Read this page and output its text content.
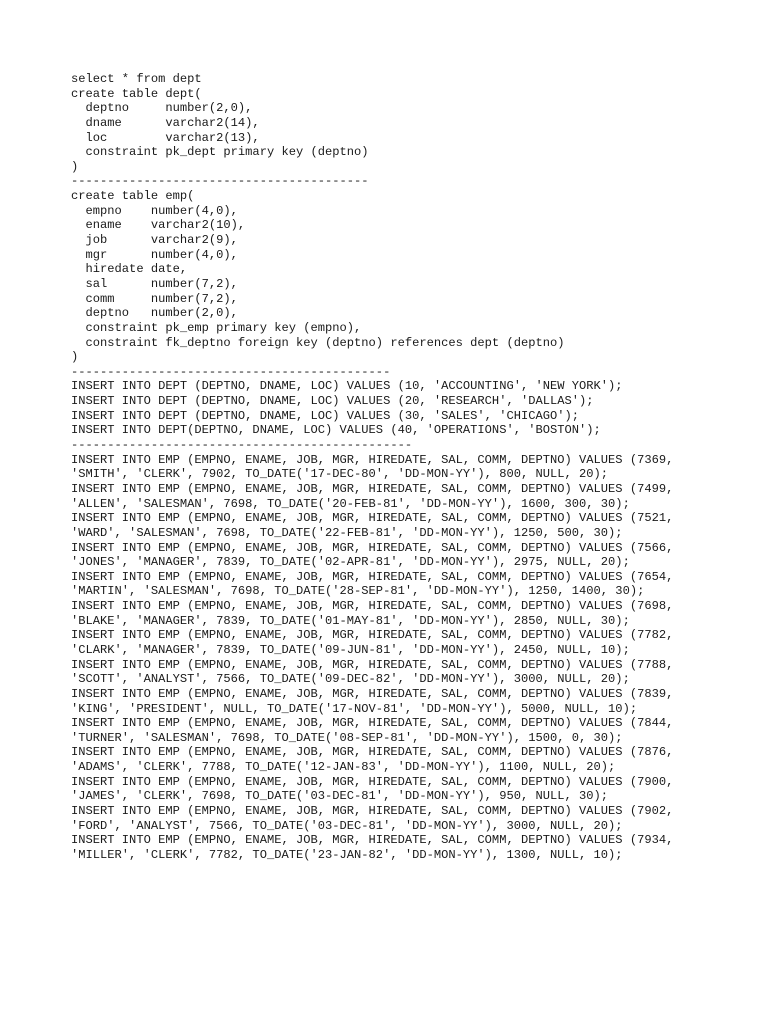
select * from dept
create table dept(
deptno     number(2,0),
dname      varchar2(14),
loc        varchar2(13),
constraint pk_dept primary key (deptno)
)
-----------------------------------------
create table emp(
empno    number(4,0),
ename    varchar2(10),
job      varchar2(9),
mgr      number(4,0),
hiredate date,
sal      number(7,2),
comm     number(7,2),
deptno   number(2,0),
constraint pk_emp primary key (empno),
constraint fk_deptno foreign key (deptno) references dept (deptno)
)
--------------------------------------------
INSERT INTO DEPT (DEPTNO, DNAME, LOC) VALUES (10, 'ACCOUNTING', 'NEW YORK');
INSERT INTO DEPT (DEPTNO, DNAME, LOC) VALUES (20, 'RESEARCH', 'DALLAS');
INSERT INTO DEPT (DEPTNO, DNAME, LOC) VALUES (30, 'SALES', 'CHICAGO');
INSERT INTO DEPT(DEPTNO, DNAME, LOC) VALUES (40, 'OPERATIONS', 'BOSTON');
-----------------------------------------------
INSERT INTO EMP (EMPNO, ENAME, JOB, MGR, HIREDATE, SAL, COMM, DEPTNO) VALUES (7369,
'SMITH', 'CLERK', 7902, TO_DATE('17-DEC-80', 'DD-MON-YY'), 800, NULL, 20);
INSERT INTO EMP (EMPNO, ENAME, JOB, MGR, HIREDATE, SAL, COMM, DEPTNO) VALUES (7499,
'ALLEN', 'SALESMAN', 7698, TO_DATE('20-FEB-81', 'DD-MON-YY'), 1600, 300, 30);
INSERT INTO EMP (EMPNO, ENAME, JOB, MGR, HIREDATE, SAL, COMM, DEPTNO) VALUES (7521,
'WARD', 'SALESMAN', 7698, TO_DATE('22-FEB-81', 'DD-MON-YY'), 1250, 500, 30);
INSERT INTO EMP (EMPNO, ENAME, JOB, MGR, HIREDATE, SAL, COMM, DEPTNO) VALUES (7566,
'JONES', 'MANAGER', 7839, TO_DATE('02-APR-81', 'DD-MON-YY'), 2975, NULL, 20);
INSERT INTO EMP (EMPNO, ENAME, JOB, MGR, HIREDATE, SAL, COMM, DEPTNO) VALUES (7654,
'MARTIN', 'SALESMAN', 7698, TO_DATE('28-SEP-81', 'DD-MON-YY'), 1250, 1400, 30);
INSERT INTO EMP (EMPNO, ENAME, JOB, MGR, HIREDATE, SAL, COMM, DEPTNO) VALUES (7698,
'BLAKE', 'MANAGER', 7839, TO_DATE('01-MAY-81', 'DD-MON-YY'), 2850, NULL, 30);
INSERT INTO EMP (EMPNO, ENAME, JOB, MGR, HIREDATE, SAL, COMM, DEPTNO) VALUES (7782,
'CLARK', 'MANAGER', 7839, TO_DATE('09-JUN-81', 'DD-MON-YY'), 2450, NULL, 10);
INSERT INTO EMP (EMPNO, ENAME, JOB, MGR, HIREDATE, SAL, COMM, DEPTNO) VALUES (7788,
'SCOTT', 'ANALYST', 7566, TO_DATE('09-DEC-82', 'DD-MON-YY'), 3000, NULL, 20);
INSERT INTO EMP (EMPNO, ENAME, JOB, MGR, HIREDATE, SAL, COMM, DEPTNO) VALUES (7839,
'KING', 'PRESIDENT', NULL, TO_DATE('17-NOV-81', 'DD-MON-YY'), 5000, NULL, 10);
INSERT INTO EMP (EMPNO, ENAME, JOB, MGR, HIREDATE, SAL, COMM, DEPTNO) VALUES (7844,
'TURNER', 'SALESMAN', 7698, TO_DATE('08-SEP-81', 'DD-MON-YY'), 1500, 0, 30);
INSERT INTO EMP (EMPNO, ENAME, JOB, MGR, HIREDATE, SAL, COMM, DEPTNO) VALUES (7876,
'ADAMS', 'CLERK', 7788, TO_DATE('12-JAN-83', 'DD-MON-YY'), 1100, NULL, 20);
INSERT INTO EMP (EMPNO, ENAME, JOB, MGR, HIREDATE, SAL, COMM, DEPTNO) VALUES (7900,
'JAMES', 'CLERK', 7698, TO_DATE('03-DEC-81', 'DD-MON-YY'), 950, NULL, 30);
INSERT INTO EMP (EMPNO, ENAME, JOB, MGR, HIREDATE, SAL, COMM, DEPTNO) VALUES (7902,
'FORD', 'ANALYST', 7566, TO_DATE('03-DEC-81', 'DD-MON-YY'), 3000, NULL, 20);
INSERT INTO EMP (EMPNO, ENAME, JOB, MGR, HIREDATE, SAL, COMM, DEPTNO) VALUES (7934,
'MILLER', 'CLERK', 7782, TO_DATE('23-JAN-82', 'DD-MON-YY'), 1300, NULL, 10);
